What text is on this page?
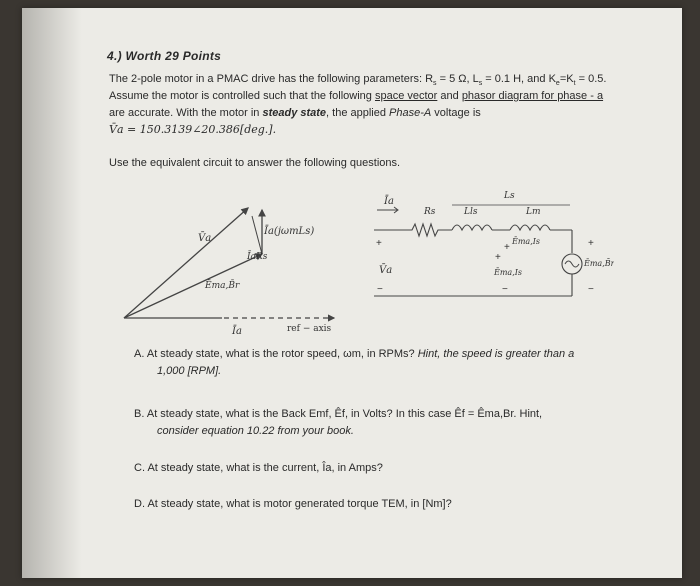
4.) Worth 29 Points
The 2-pole motor in a PMAC drive has the following parameters: $R_s = 5$ Ω, $L_s = 0.1$ H, and $K_e=K_t = 0.5$.
Assume the motor is controlled such that the following space vector and phasor diagram for phase - a
are accurate. With the motor in steady state, the applied Phase-A voltage is
V̄a = 150.3139∠20.386[deg.].
Use the equivalent circuit to answer the following questions.
V̄a
Īa(jωmLs)
ĪaRs
Ēma,B̄r
Īa	ref − axis
Īa
Rs	Lls
Ls
Lm
+
V̄a
−
+
Ēma,Is
+
Ēma,Is
−
+
Ēma,B̄r
−
A. At steady state, what is the rotor speed, ωm, in RPMs? Hint, the speed is greater than a
1,000 [RPM].
B. At steady state, what is the Back Emf, Êf, in Volts? In this case Êf = Êma,Br. Hint,
consider equation 10.22 from your book.
C. At steady state, what is the current, Îa, in Amps?
D. At steady state, what is motor generated torque TEM, in [Nm]?
